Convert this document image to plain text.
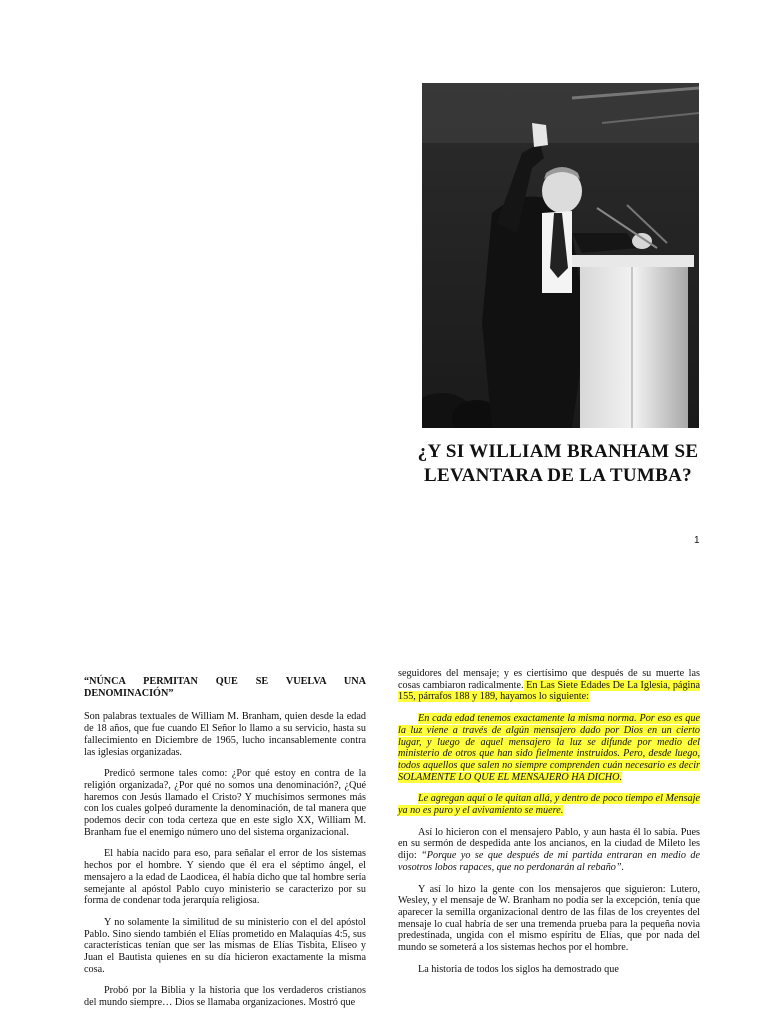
¿Y SI WILLIAM BRANHAM SE
LEVANTARA DE LA TUMBA?
1
“NÚNCA PERMITAN QUE SE VUELVA UNA DENOMINACIÓN”

Son palabras textuales de William M. Branham, quien desde la edad de 18 años, que fue cuando El Señor lo llamo a su servicio, hasta su fallecimiento en Diciembre de 1965, lucho incansablemente contra las iglesias organizadas.

Predicó sermone tales como: ¿Por qué estoy en contra de la religión organizada?, ¿Por qué no somos una denominación?, ¿Qué haremos con Jesús llamado el Cristo? Y muchísimos sermones más con los cuales golpeó duramente la denominación, de tal manera que podemos decir con toda certeza que en este siglo XX, William M. Branham fue el enemigo número uno del sistema organizacional.

El había nacido para eso, para señalar el error de los sistemas hechos por el hombre. Y siendo que él era el séptimo ángel, el mensajero a la edad de Laodicea, él había dicho que tal hombre sería semejante al apóstol Pablo cuyo ministerio se caracterizo por su forma de condenar toda jerarquía religiosa.

Y no solamente la similitud de su ministerio con el del apóstol Pablo. Sino siendo también el Elías prometido en Malaquías 4:5, sus características tenían que ser las mismas de Elías Tisbita, Eliseo y Juan el Bautista quienes en su día hicieron exactamente la misma cosa.

Probó por la Biblia y la historia que los verdaderos cristianos del mundo siempre… Dios se llamaba organizaciones. Mostró que

seguidores del mensaje; y es ciertísimo que después de su muerte las cosas cambiaron radicalmente. En Las Siete Edades De La Iglesia, página 155, párrafos 188 y 189, hayamos lo siguiente:

En cada edad tenemos exactamente la misma norma. Por eso es que la luz viene a través de algún mensajero dado por Dios en un cierto lugar, y luego de aquel mensajero la luz se difunde por medio del ministerio de otros que han sido fielmente instruidos. Pero, desde luego, todos aquellos que salen no siempre comprenden cuán necesario es decir SOLAMENTE LO QUE EL MENSAJERO HA DICHO.

Le agregan aquí o le quitan allá, y dentro de poco tiempo el Mensaje ya no es puro y el avivamiento se muere.

Así lo hicieron con el mensajero Pablo, y aun hasta él lo sabía. Pues en su sermón de despedida ante los ancianos, en la ciudad de Mileto les dijo: “Porque yo se que después de mi partida entraran en medio de vosotros lobos rapaces, que no perdonarán al rebaño”.

Y así lo hizo la gente con los mensajeros que siguieron: Lutero, Wesley, y el mensaje de W. Branham no podía ser la excepción, tenía que aparecer la semilla organizacional dentro de las filas de los creyentes del mensaje lo cual habría de ser una tremenda prueba para la pequeña novia predestinada, ungida con el mismo espíritu de Elías, que por nada del mundo se someterá a los sistemas hechos por el hombre.

La historia de todos los siglos ha demostrado que
